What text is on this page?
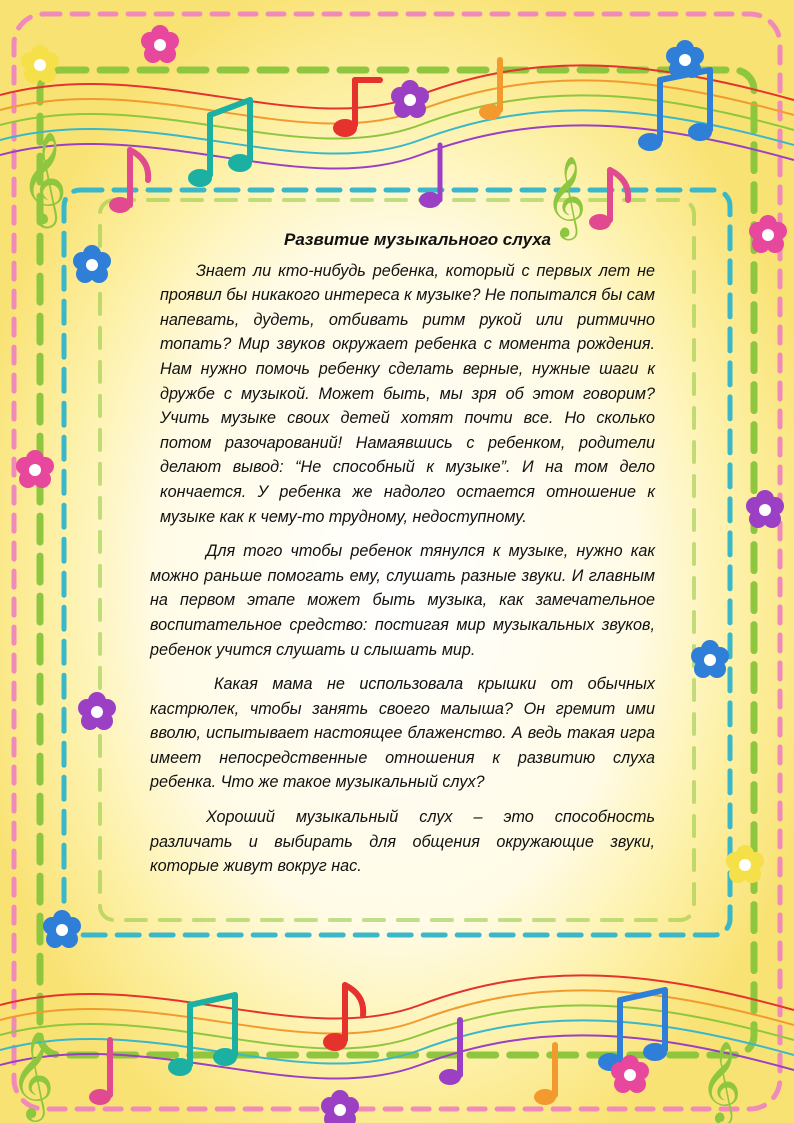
𝄞	𝄞
𝄞	𝄞
Развитие музыкального слуха

Знает ли кто-нибудь ребенка, который с первых лет не проявил бы никакого интереса к музыке? Не попытался бы сам напевать, дудеть, отбивать ритм рукой или ритмично топать? Мир звуков окружает ребенка с момента рождения. Нам нужно помочь ребенку сделать верные, нужные шаги к дружбе с музыкой. Может быть, мы зря об этом говорим? Учить музыке своих детей хотят почти все. Но сколько потом разочарований! Намаявшись с ребенком, родители делают вывод: “Не способный к музыке”. И на том дело кончается. У ребенка же надолго остается отношение к музыке как к чему-то трудному, недоступному.

Для того чтобы ребенок тянулся к музыке, нужно как можно раньше помогать ему, слушать разные звуки. И главным на первом этапе может быть музыка, как замечательное воспитательное средство: постигая мир музыкальных звуков, ребенок учится слушать и слышать мир.

Какая мама не использовала крышки от обычных кастрюлек, чтобы занять своего малыша? Он гремит ими вволю, испытывает настоящее блаженство. А ведь такая игра имеет непосредственные отношения к развитию слуха ребенка. Что же такое музыкальный слух?

Хороший музыкальный слух – это способность различать и выбирать для общения окружающие звуки, которые живут вокруг нас.
